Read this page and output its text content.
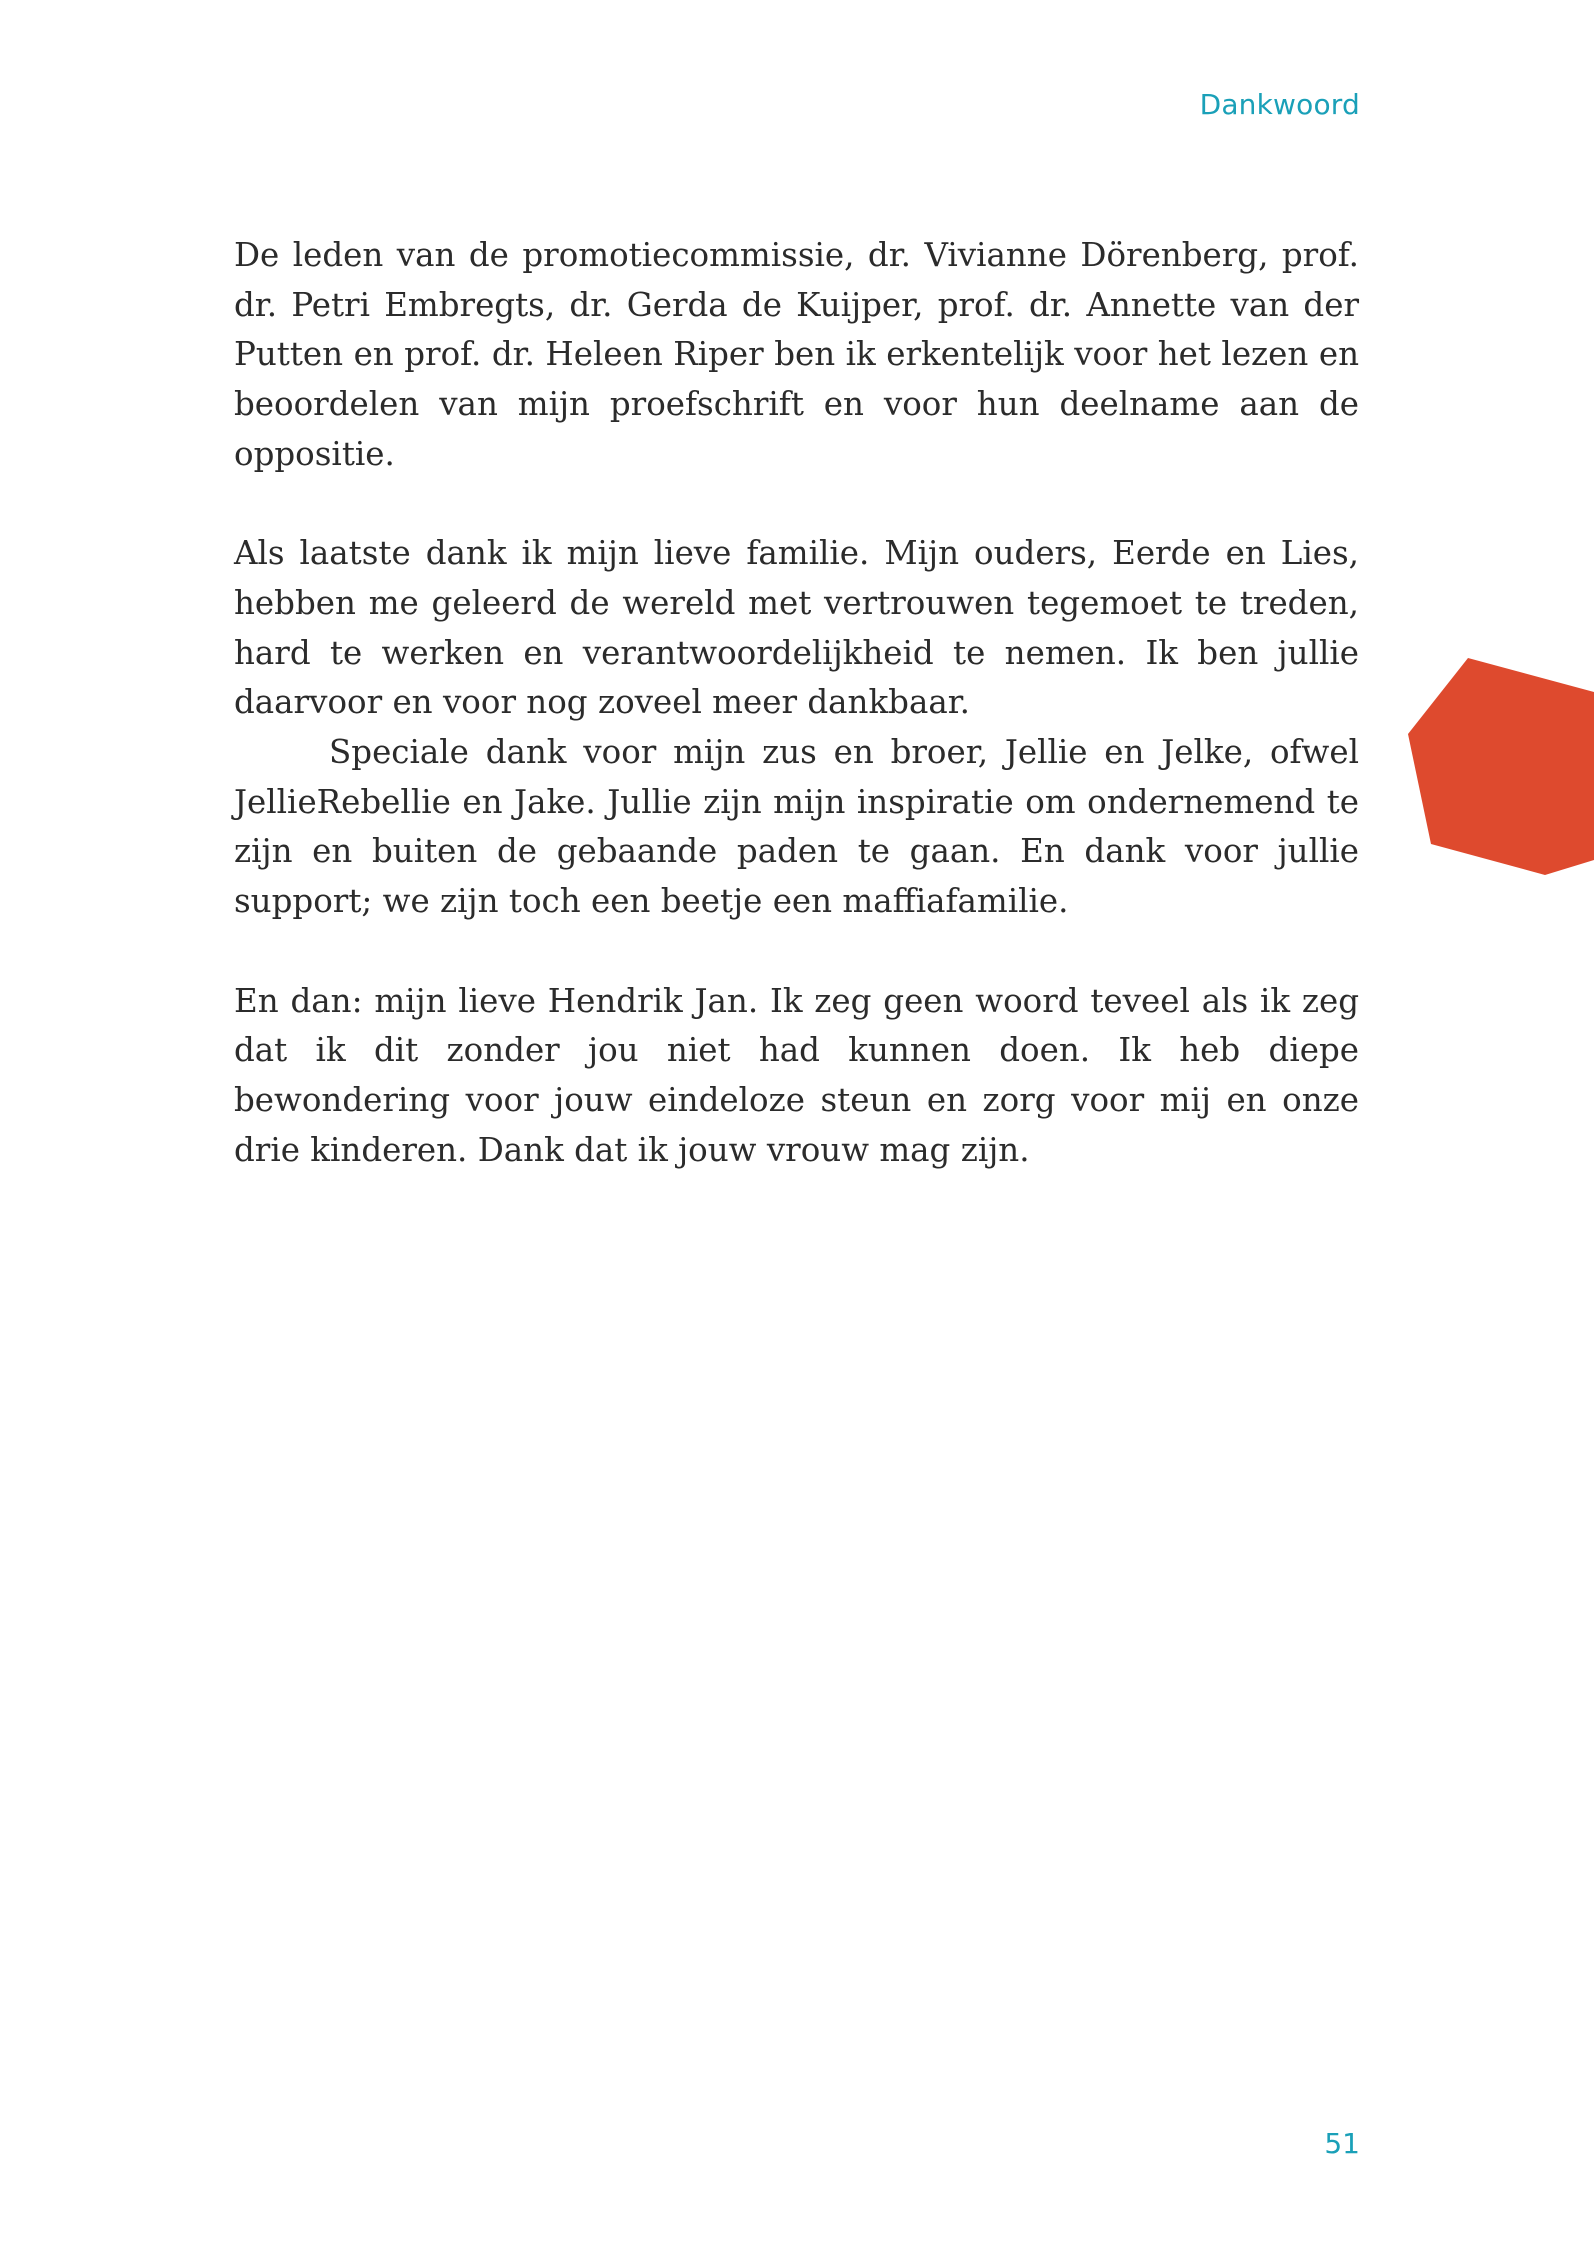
Dankwoord

De leden van de promotiecommissie, dr. Vivianne Dörenberg, prof. dr. Petri Embregts, dr. Gerda de Kuijper, prof. dr. Annette van der Putten en prof. dr. Heleen Riper ben ik erkentelijk voor het lezen en beoordelen van mijn proefschrift en voor hun deelname aan de oppositie.

Als laatste dank ik mijn lieve familie. Mijn ouders, Eerde en Lies, hebben me geleerd de wereld met vertrouwen tegemoet te treden, hard te werken en verantwoordelijkheid te nemen. Ik ben jullie daarvoor en voor nog zoveel meer dankbaar.

Speciale dank voor mijn zus en broer, Jellie en Jelke, ofwel JellieRebellie en Jake. Jullie zijn mijn inspiratie om ondernemend te zijn en buiten de gebaande paden te gaan. En dank voor jullie support; we zijn toch een beetje een maffiafamilie.

En dan: mijn lieve Hendrik Jan. Ik zeg geen woord teveel als ik zeg dat ik dit zonder jou niet had kunnen doen. Ik heb diepe bewondering voor jouw eindeloze steun en zorg voor mij en onze drie kinderen. Dank dat ik jouw vrouw mag zijn.

51
